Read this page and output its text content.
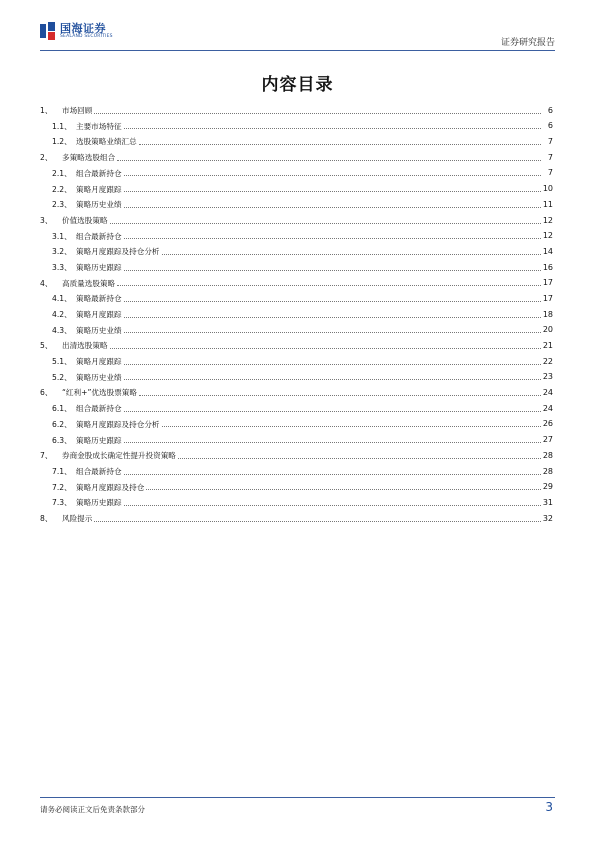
国海证券
SEALAND SECURITIES
证券研究报告
内容目录
1、	市场回顾	6
1.1、 主要市场特征	6
1.2、 选股策略业绩汇总	7
2、	多策略选股组合	7
2.1、 组合最新持仓	7
2.2、 策略月度跟踪	10
2.3、 策略历史业绩	11
3、	价值选股策略	12
3.1、 组合最新持仓	12
3.2、 策略月度跟踪及持仓分析	14
3.3、 策略历史跟踪	16
4、	高质量选股策略	17
4.1、 策略最新持仓	17
4.2、 策略月度跟踪	18
4.3、 策略历史业绩	20
5、	出清选股策略	21
5.1、 策略月度跟踪	22
5.2、 策略历史业绩	23
6、	“红利+”优选股票策略	24
6.1、 组合最新持仓	24
6.2、 策略月度跟踪及持仓分析	26
6.3、 策略历史跟踪	27
7、	券商金股成长确定性提升投资策略	28
7.1、 组合最新持仓	28
7.2、 策略月度跟踪及持仓	29
7.3、 策略历史跟踪	31
8、	风险提示	32
请务必阅读正文后免责条款部分	3
